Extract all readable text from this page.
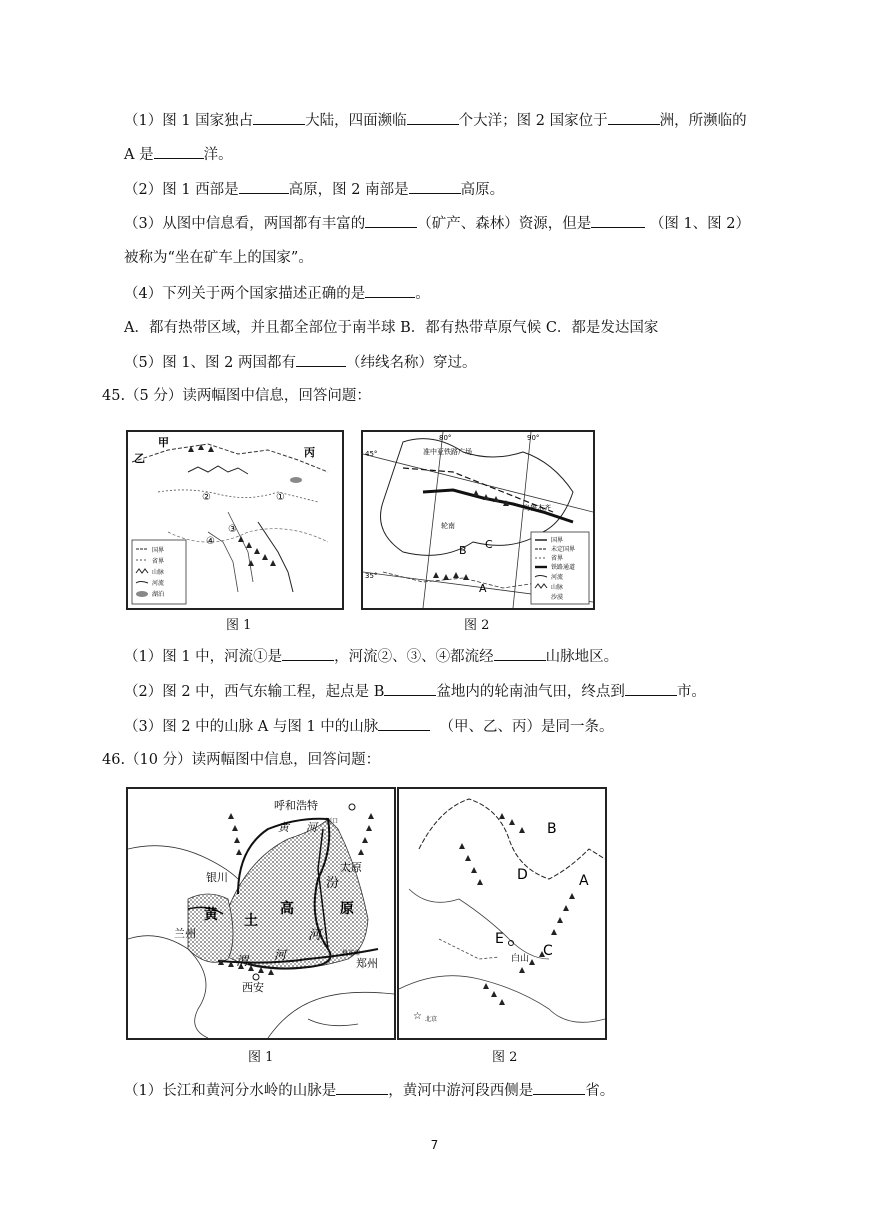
（1）图 1 国家独占	大陆，四面濒临	个大洋；图 2 国家位于	洲，所濒临的
A 是	洋。
（2）图 1 西部是	高原，图 2 南部是	高原。
（3）从图中信息看，两国都有丰富的	（矿产、森林）资源，但是	（图 1、图 2）
被称为“坐在矿车上的国家”。
（4）下列关于两个国家描述正确的是	。
A．都有热带区域，并且都全部位于南半球 B．都有热带草原气候 C．都是发达国家
（5）图 1、图 2 两国都有	（纬线名称）穿过。
45.（5 分）读两幅图中信息，回答问题：
甲
乙	丙
①
②
③
④
国界
省界
山脉
河流
湖泊
图 1
80°	90°
45°
35°
准中亚铁路广场
乌鲁木齐
轮南
B C
A
国界
未定国界
省界
铁路通道
河流
山脉
沙漠
图 2
（1）图 1 中，河流①是	，河流②、③、④都流经	山脉地区。
（2）图 2 中，西气东输工程，起点是 B	盆地内的轮南油气田，终点到	市。
（3）图 2 中的山脉 A 与图 1 中的山脉	（甲、乙、丙）是同一条。
46.（10 分）读两幅图中信息，回答问题：
呼和浩特
河口
黄 河
银川
太原
汾
兰州
黄 土
高	原
河
渭 河
西安
桃花峪
郑州
图 1
B
D	A
E
C
白山
☆ 北京
图 2
（1）长江和黄河分水岭的山脉是	，黄河中游河段西侧是	省。
7
